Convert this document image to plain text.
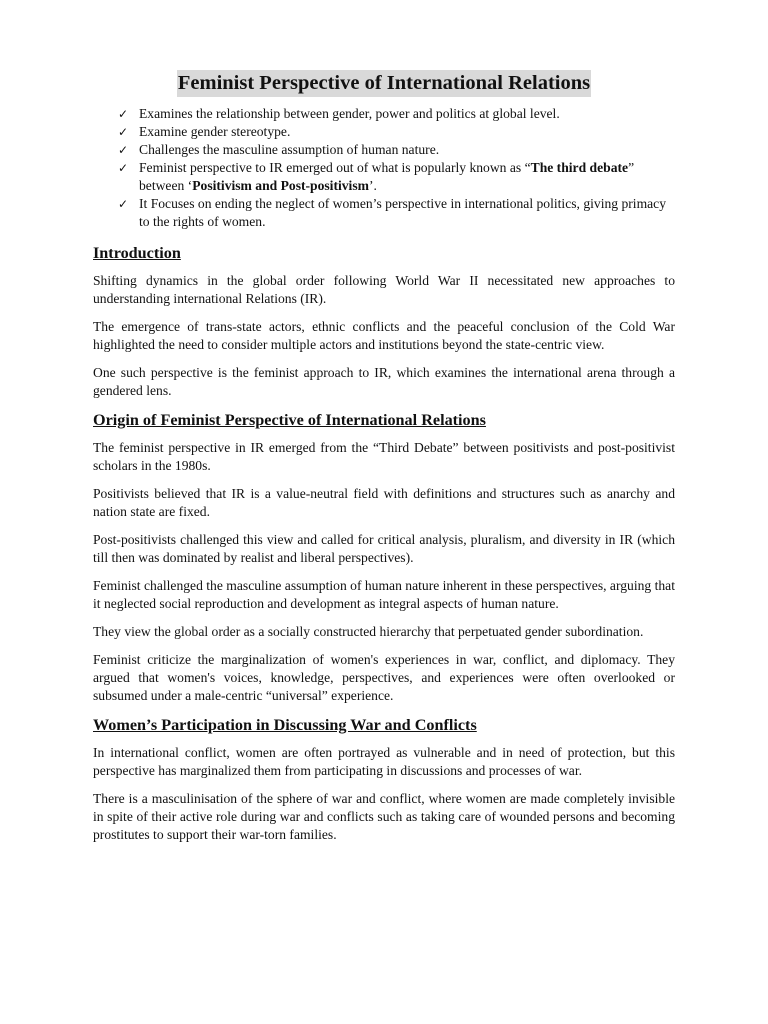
Feminist Perspective of International Relations
✓ Examines the relationship between gender, power and politics at global level.
✓ Examine gender stereotype.
✓ Challenges the masculine assumption of human nature.
✓ Feminist perspective to IR emerged out of what is popularly known as “The third debate” between ‘Positivism and Post-positivism’.
✓ It Focuses on ending the neglect of women’s perspective in international politics, giving primacy to the rights of women.
Introduction

Shifting dynamics in the global order following World War II necessitated new approaches to understanding international Relations (IR).

The emergence of trans-state actors, ethnic conflicts and the peaceful conclusion of the Cold War highlighted the need to consider multiple actors and institutions beyond the state-centric view.

One such perspective is the feminist approach to IR, which examines the international arena through a gendered lens.

Origin of Feminist Perspective of International Relations

The feminist perspective in IR emerged from the “Third Debate” between positivists and post-positivist scholars in the 1980s.

Positivists believed that IR is a value-neutral field with definitions and structures such as anarchy and nation state are fixed.

Post-positivists challenged this view and called for critical analysis, pluralism, and diversity in IR (which till then was dominated by realist and liberal perspectives).

Feminist challenged the masculine assumption of human nature inherent in these perspectives, arguing that it neglected social reproduction and development as integral aspects of human nature.

They view the global order as a socially constructed hierarchy that perpetuated gender subordination.

Feminist criticize the marginalization of women's experiences in war, conflict, and diplomacy. They argued that women's voices, knowledge, perspectives, and experiences were often overlooked or subsumed under a male-centric “universal” experience.

Women’s Participation in Discussing War and Conflicts

In international conflict, women are often portrayed as vulnerable and in need of protection, but this perspective has marginalized them from participating in discussions and processes of war.

There is a masculinisation of the sphere of war and conflict, where women are made completely invisible in spite of their active role during war and conflicts such as taking care of wounded persons and becoming prostitutes to support their war-torn families.
